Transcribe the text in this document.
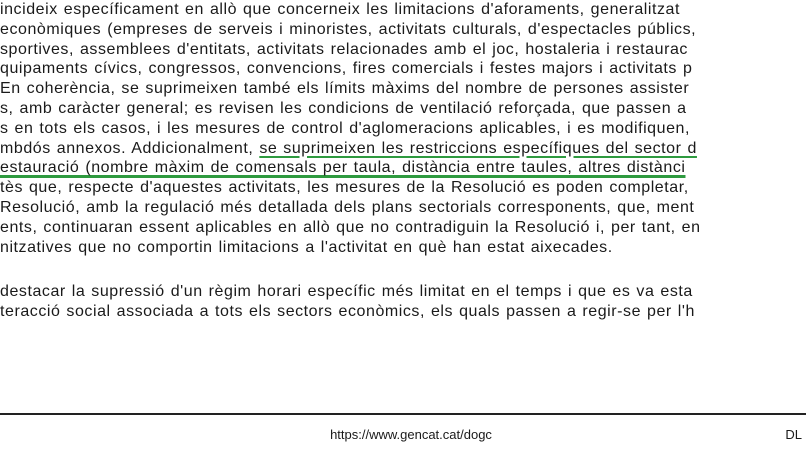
incideix específicament en allò que concerneix les limitacions d'aforaments, generalitzat
econòmiques (empreses de serveis i minoristes, activitats culturals, d'espectacles públics,
sportives, assemblees d'entitats, activitats relacionades amb el joc, hostaleria i restaurac
quipaments cívics, congressos, convencions, fires comercials i festes majors i activitats p
En coherència, se suprimeixen també els límits màxims del nombre de persones assister
s, amb caràcter general; es revisen les condicions de ventilació reforçada, que passen a
s en tots els casos, i les mesures de control d'aglomeracions aplicables, i es modifiquen,
mbdós annexos. Addicionalment, se suprimeixen les restriccions específiques del sector d
estauració (nombre màxim de comensals per taula, distància entre taules, altres distànci
tès que, respecte d'aquestes activitats, les mesures de la Resolució es poden completar,
Resolució, amb la regulació més detallada dels plans sectorials corresponents, que, ment
ents, continuaran essent aplicables en allò que no contradiguin la Resolució i, per tant, en
nitzatives que no comportin limitacions a l'activitat en què han estat aixecades.
destacar la supressió d'un règim horari específic més limitat en el temps i que es va esta
teracció social associada a tots els sectors econòmics, els quals passen a regir-se per l'h
https://www.gencat.cat/dogc	DL
